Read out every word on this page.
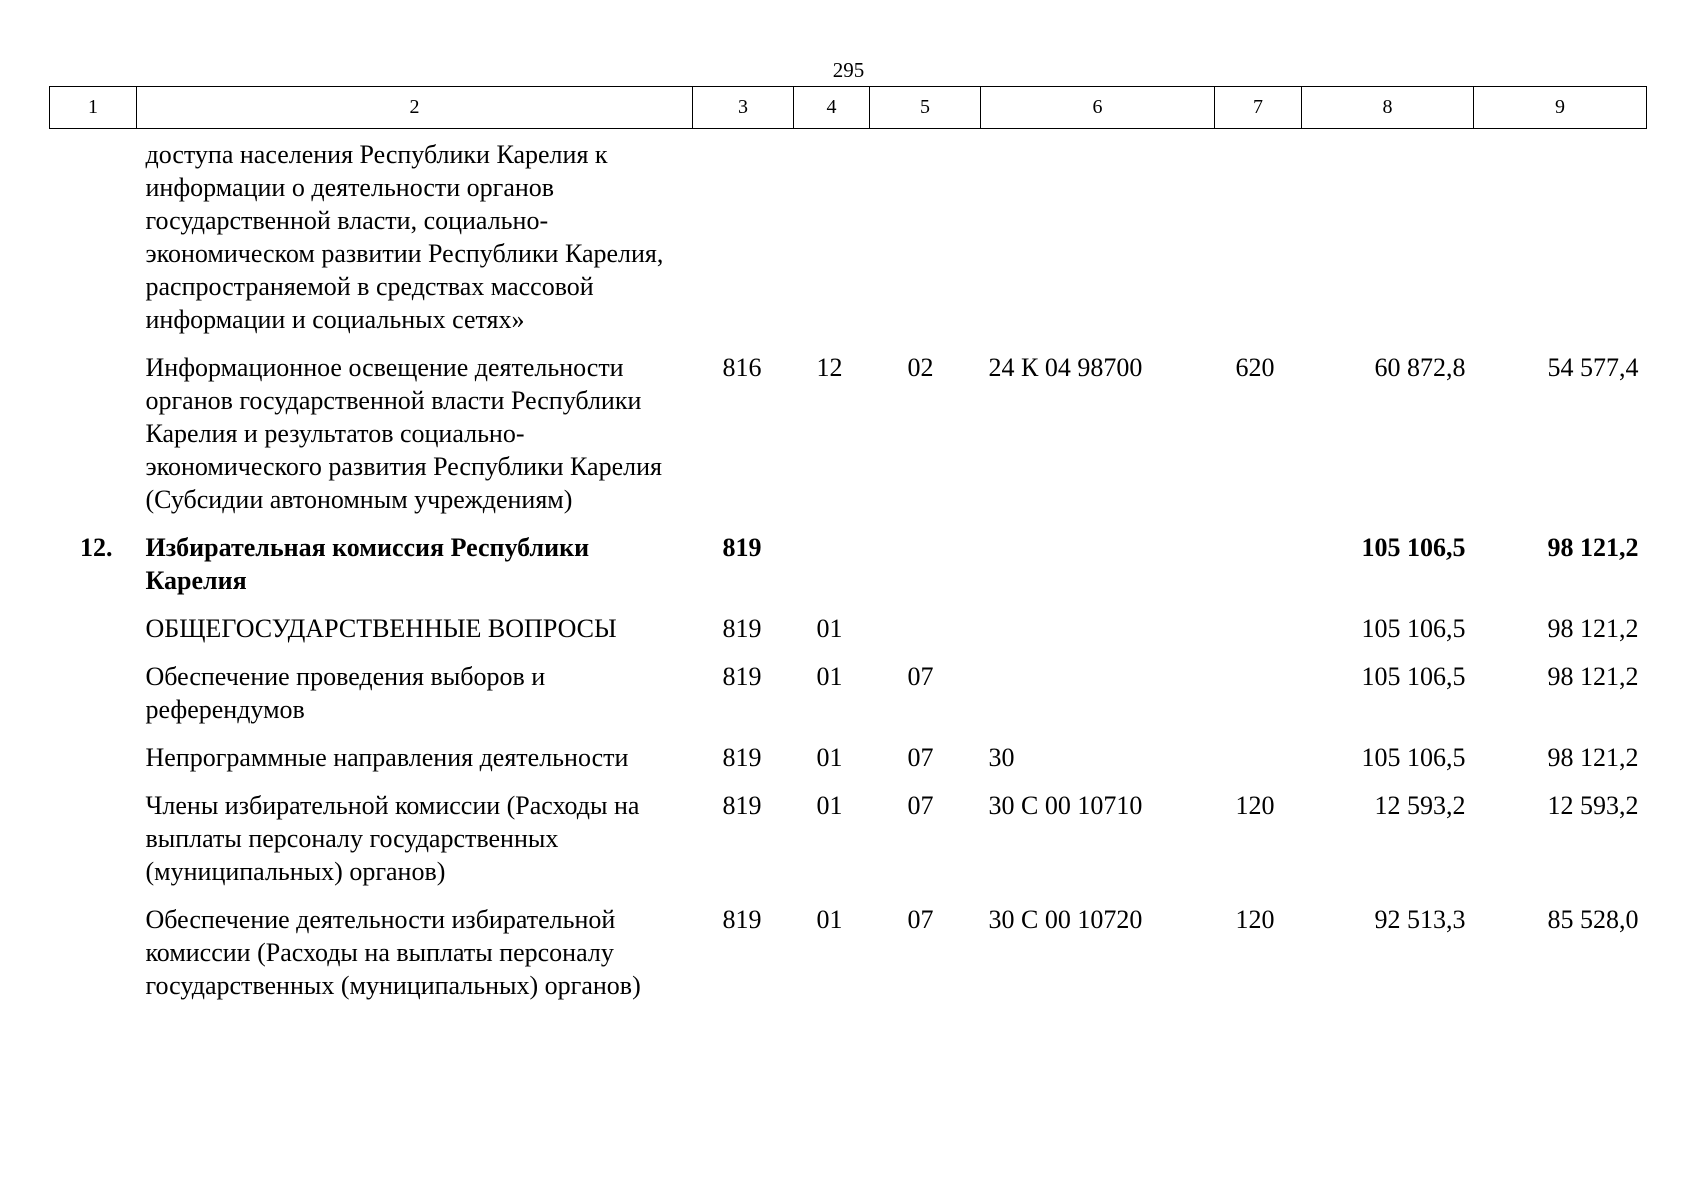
295
1	2	3	4	5	6	7	8	9
	доступа населения Республики Карелия к информации о деятельности органов государственной власти, социально-экономическом развитии Республики Карелия, распространяемой в средствах массовой информации и социальных сетях»							
	Информационное освещение деятельности органов государственной власти Республики Карелия и результатов социально-экономического развития Республики Карелия (Субсидии автономным учреждениям)	816	12	02	24 К 04 98700	620	60 872,8	54 577,4
12.	Избирательная комиссия Республики Карелия	819					105 106,5	98 121,2
	ОБЩЕГОСУДАРСТВЕННЫЕ ВОПРОСЫ	819	01				105 106,5	98 121,2
	Обеспечение проведения выборов и референдумов	819	01	07			105 106,5	98 121,2
	Непрограммные направления деятельности	819	01	07	30		105 106,5	98 121,2
	Члены избирательной комиссии (Расходы на выплаты персоналу государственных (муниципальных) органов)	819	01	07	30 С 00 10710	120	12 593,2	12 593,2
	Обеспечение деятельности избирательной комиссии (Расходы на выплаты персоналу государственных (муниципальных) органов)	819	01	07	30 С 00 10720	120	92 513,3	85 528,0
